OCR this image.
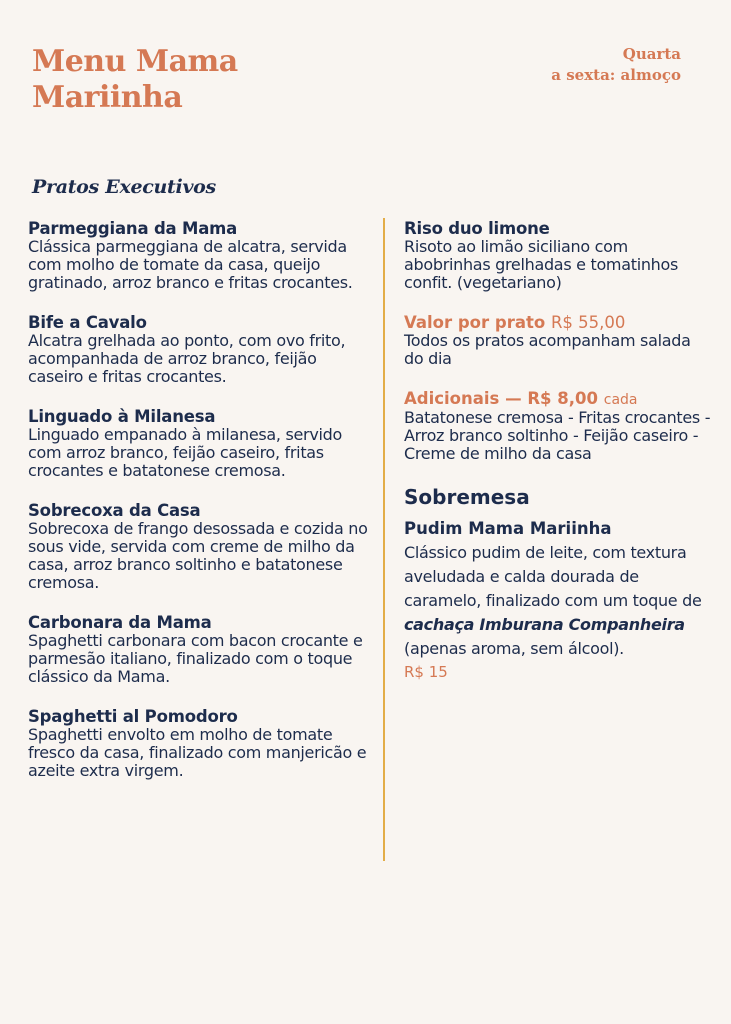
Menu Mama
Mariinha
Quarta
a sexta: almoço
Pratos Executivos
Parmeggiana da Mama
Clássica parmeggiana de alcatra, servida com molho de tomate da casa, queijo gratinado, arroz branco e fritas crocantes.
Bife a Cavalo
Alcatra grelhada ao ponto, com ovo frito, acompanhada de arroz branco, feijão caseiro e fritas crocantes.
Linguado à Milanesa
Linguado empanado à milanesa, servido com arroz branco, feijão caseiro, fritas crocantes e batatonese cremosa.
Sobrecoxa da Casa
Sobrecoxa de frango desossada e cozida no sous vide, servida com creme de milho da casa, arroz branco soltinho e batatonese cremosa.
Carbonara da Mama
Spaghetti carbonara com bacon crocante e parmesão italiano, finalizado com o toque clássico da Mama.
Spaghetti al Pomodoro
Spaghetti envolto em molho de tomate fresco da casa, finalizado com manjericão e azeite extra virgem.
Riso duo limone
Risoto ao limão siciliano com abobrinhas grelhadas e tomatinhos confit. (vegetariano)
Valor por prato R$ 55,00
Todos os pratos acompanham salada do dia
Adicionais — R$ 8,00 cada
Batatonese cremosa - Fritas crocantes - Arroz branco soltinho - Feijão caseiro - Creme de milho da casa
Sobremesa
Pudim Mama Mariinha
Clássico pudim de leite, com textura aveludada e calda dourada de caramelo, finalizado com um toque de cachaça Imburana Companheira (apenas aroma, sem álcool).
R$ 15
